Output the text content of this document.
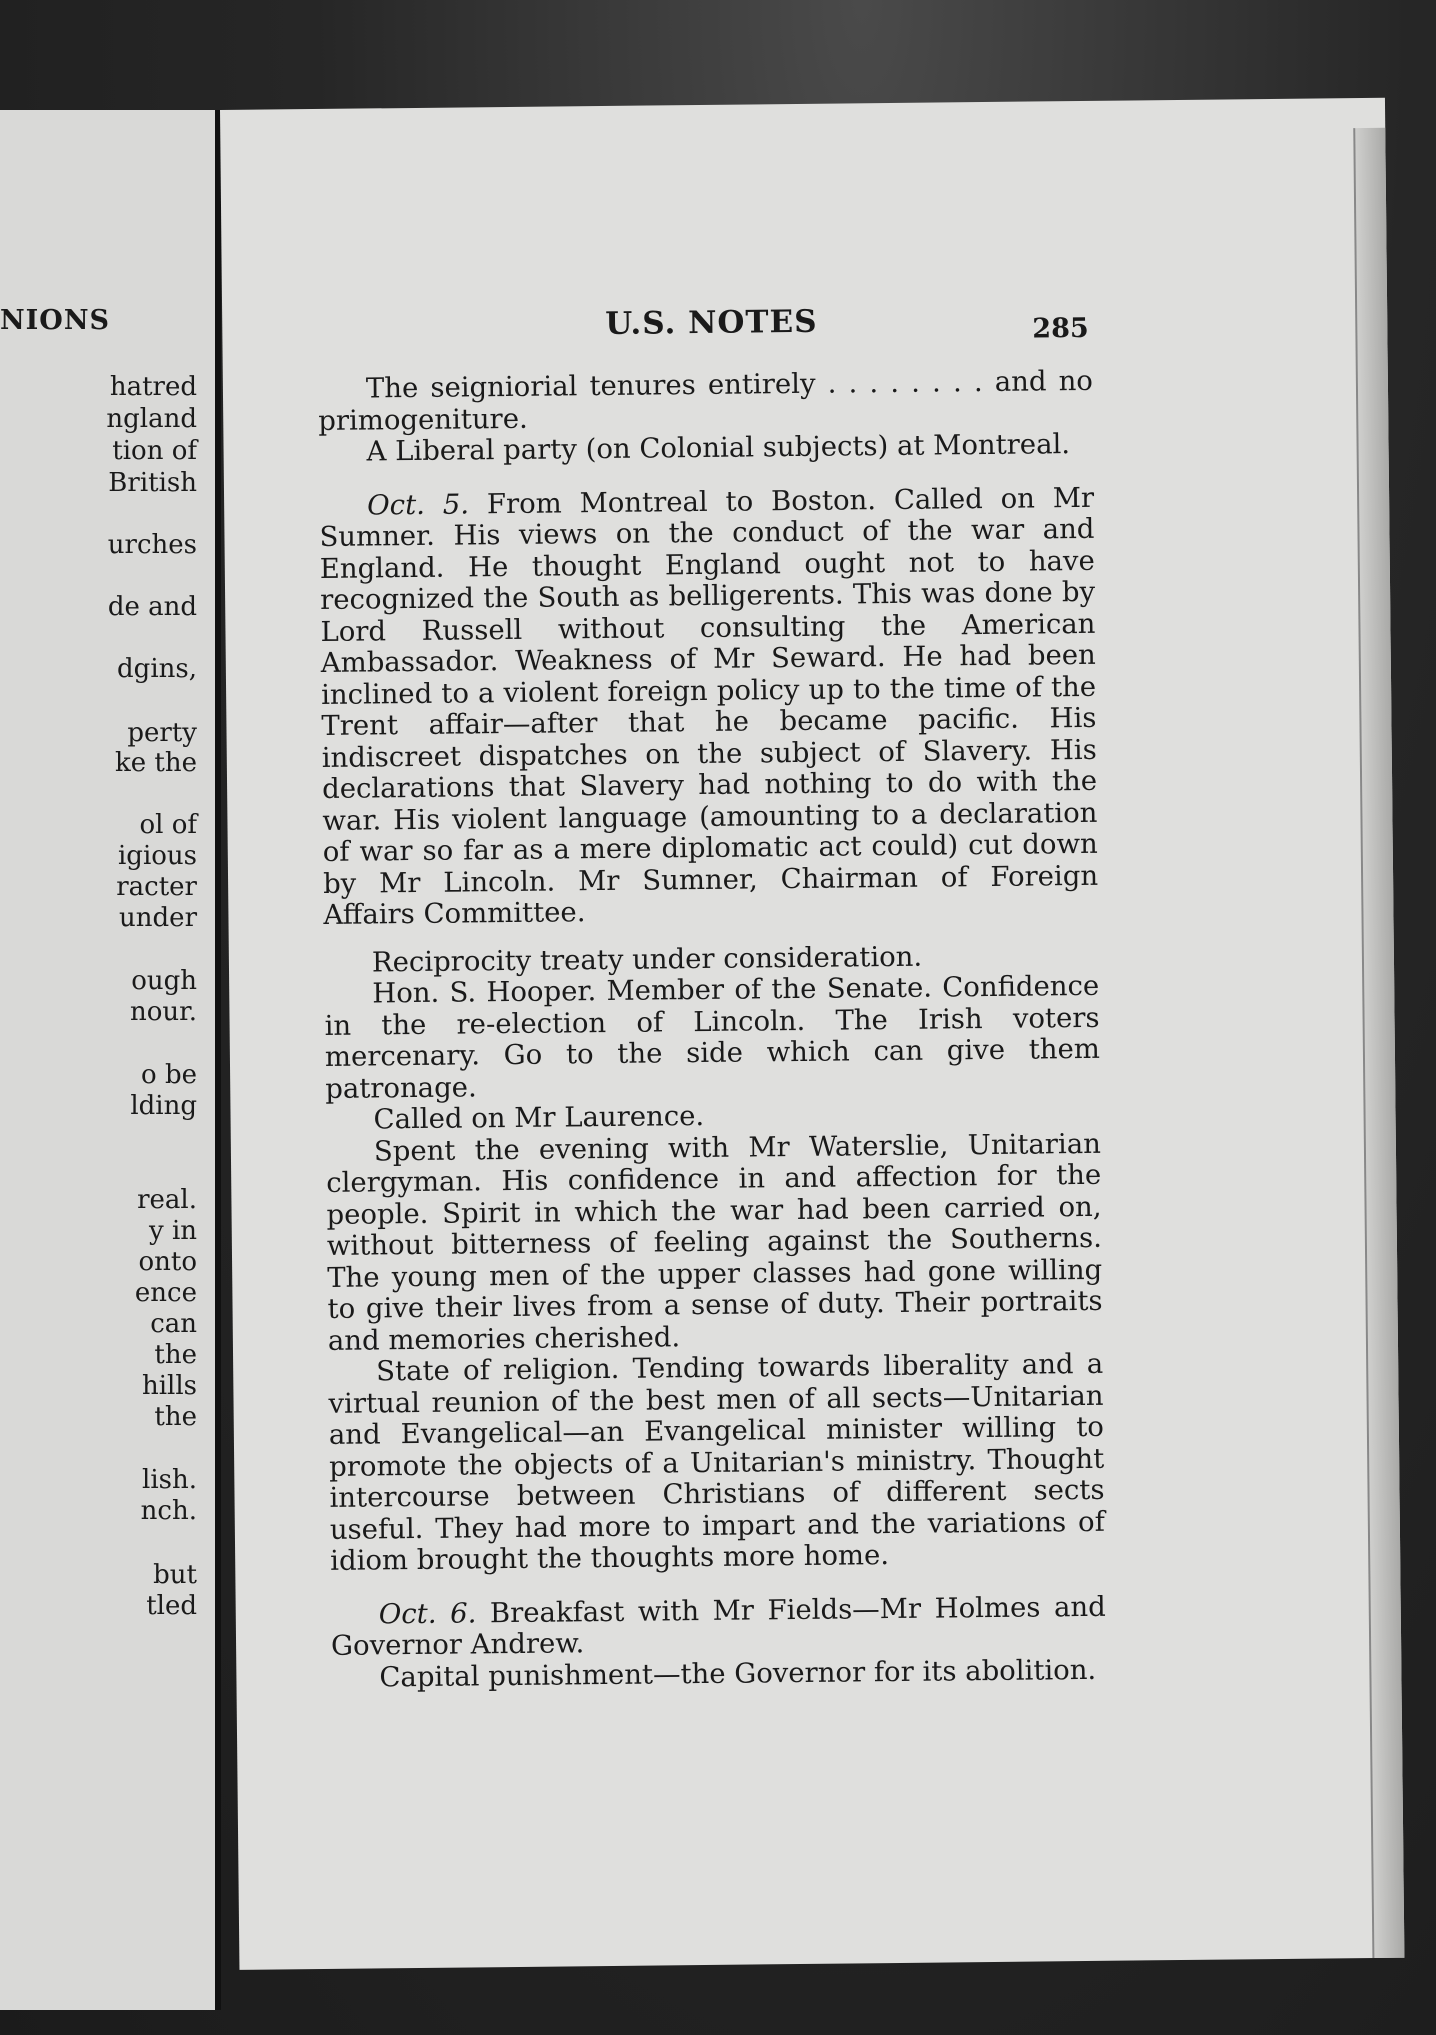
NIONS
hatred
ngland
tion of
British
urches
de and
dgins,
perty
ke the
ol of
igious
racter
under
ough
nour.
o be
lding
real.
y in
onto
ence
can
the
hills
the
lish.
nch.
but
tled
U.S. NOTES	285

The seigniorial tenures entirely . . . . . . . . and no primogeniture.

A Liberal party (on Colonial subjects) at Montreal.

Oct. 5. From Montreal to Boston. Called on Mr Sumner. His views on the conduct of the war and England. He thought England ought not to have recognized the South as belligerents. This was done by Lord Russell without consulting the American Ambassador. Weakness of Mr Seward. He had been inclined to a violent foreign policy up to the time of the Trent affair—after that he became pacific. His indiscreet dispatches on the subject of Slavery. His declarations that Slavery had nothing to do with the war. His violent language (amounting to a declaration of war so far as a mere diplomatic act could) cut down by Mr Lincoln. Mr Sumner, Chairman of Foreign Affairs Committee.

Reciprocity treaty under consideration.

Hon. S. Hooper. Member of the Senate. Confidence in the re-election of Lincoln. The Irish voters mercenary. Go to the side which can give them patronage.

Called on Mr Laurence.

Spent the evening with Mr Waterslie, Unitarian clergyman. His confidence in and affection for the people. Spirit in which the war had been carried on, without bitterness of feeling against the Southerns. The young men of the upper classes had gone willing to give their lives from a sense of duty. Their portraits and memories cherished.

State of religion. Tending towards liberality and a virtual reunion of the best men of all sects—Unitarian and Evangelical—an Evangelical minister willing to promote the objects of a Unitarian's ministry. Thought intercourse between Christians of different sects useful. They had more to impart and the variations of idiom brought the thoughts more home.

Oct. 6. Breakfast with Mr Fields—Mr Holmes and Governor Andrew.

Capital punishment—the Governor for its abolition.
